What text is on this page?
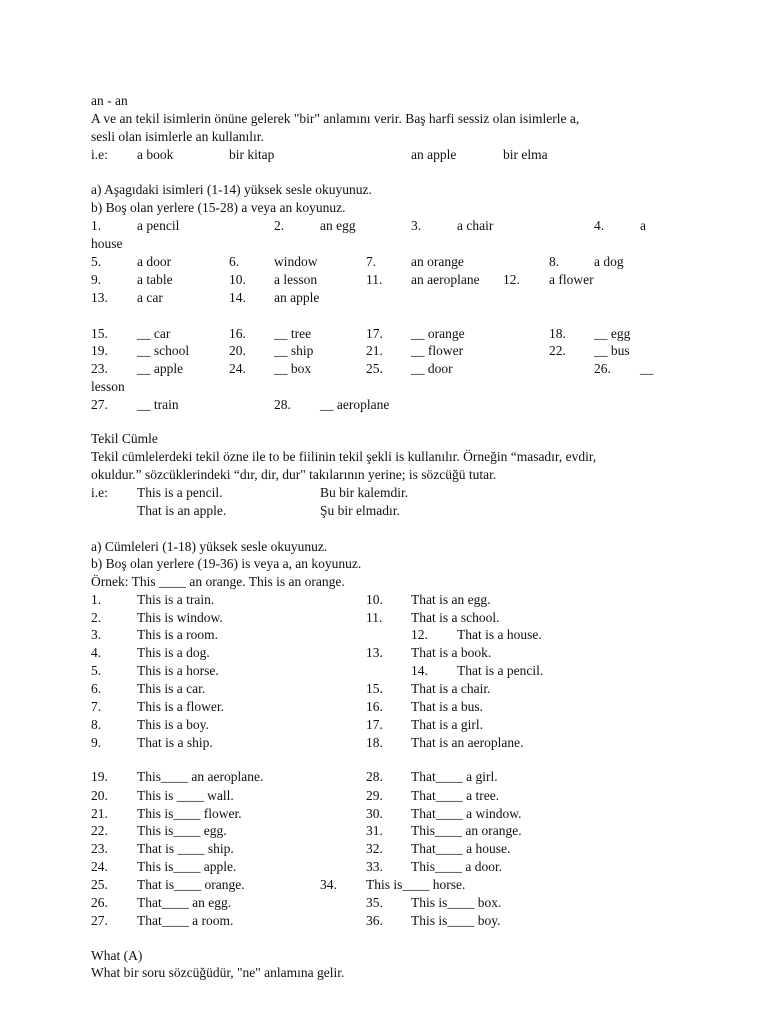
an - an
A ve an tekil isimlerin önüne gelerek "bir" anlamını verir. Baş harfi sessiz olan isimlerle a,
sesli olan isimlerle an kullanılır.
i.e: a book	bir kitap	an apple	bir elma
a) Aşagıdaki isimleri (1-14) yüksek sesle okuyunuz.
b) Boş olan yerlere (15-28) a veya an koyunuz.
1.	a pencil	2.	an egg	3.	a chair	4.	a
house
5.	a door	6.	window	7.	an orange	8.	a dog
9.	a table	10. a lesson	11. an aeroplane 12. a flower
13. a car	14. an apple
15. __ car	16. __ tree	17. __ orange	18. __ egg
19. __ school	20. __ ship	21. __ flower	22. __ bus
23. __ apple	24. __ box	25. __ door	26. __
lesson
27. __ train	28. __ aeroplane
Tekil Cümle
Tekil cümlelerdeki tekil özne ile to be fiilinin tekil şekli is kullanılır. Örneğin “masadır, evdir,
okuldur.” sözcüklerindeki “dır, dir, dur" takılarının yerine; is sözcüğü tutar.
i.e: This is a pencil.	Bu bir kalemdir.
That is an apple.	Şu bir elmadır.
a) Cümleleri (1-18) yüksek sesle okuyunuz.
b) Boş olan yerlere (19-36) is veya a, an koyunuz.
Örnek: This ____ an orange. This is an orange.
1.	This is a train.	10. That is an egg.
2.	This is window.	11. That is a school.
3.	This is a room.	12. That is a house.
4.	This is a dog.	13. That is a book.
5.	This is a horse.	14. That is a pencil.
6.	This is a car.	15. That is a chair.
7.	This is a flower.	16. That is a bus.
8.	This is a boy.	17. That is a girl.
9.	That is a ship.	18. That is an aeroplane.
19. This____ an aeroplane.	28. That____ a girl.
20. This is ____ wall.	29. That____ a tree.
21. This is____ flower.	30. That____ a window.
22. This is____ egg.	31. This____ an orange.
23. That is ____ ship.	32. That____ a house.
24. This is____ apple.	33. This____ a door.
25. That is____ orange.	34. This is____ horse.
26. That____ an egg.	35. This is____ box.
27. That____ a room.	36. This is____ boy.
What (A)
What bir soru sözcüğüdür, "ne" anlamına gelir.
